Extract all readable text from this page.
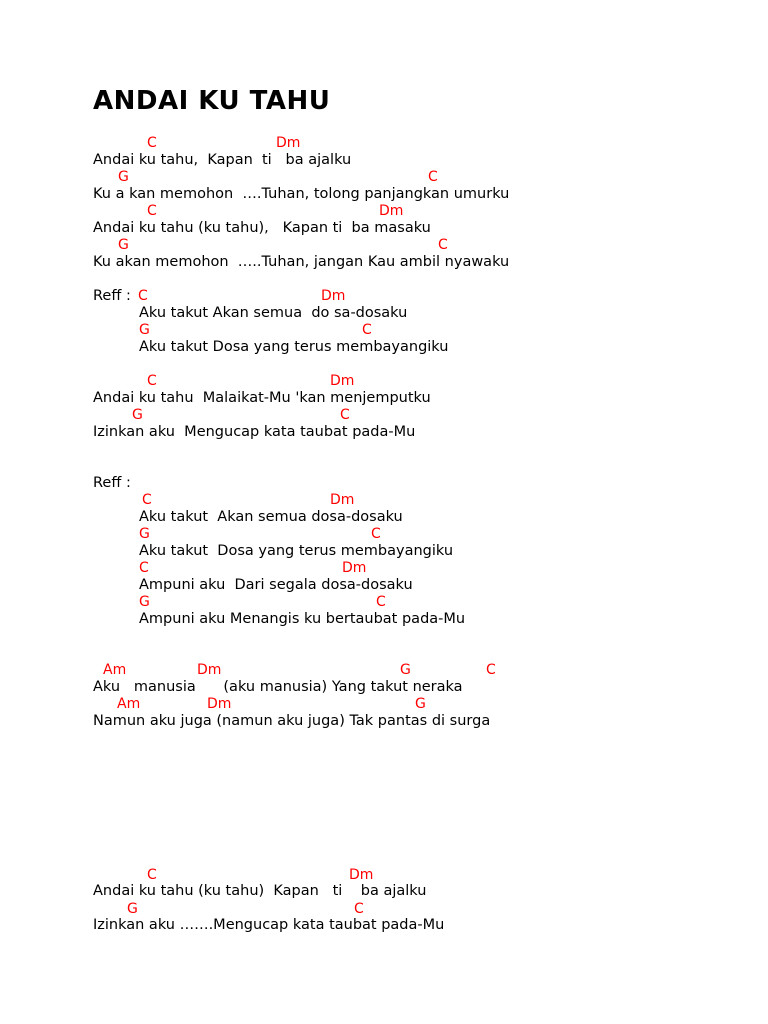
ANDAI KU TAHU
C	Dm
Andai ku tahu,  Kapan  ti   ba ajalku
G	C
Ku a kan memohon  ….Tuhan, tolong panjangkan umurku
C	Dm
Andai ku tahu (ku tahu),   Kapan ti  ba masaku
G	C
Ku akan memohon  …..Tuhan, jangan Kau ambil nyawaku
Reff : C	Dm
Aku takut Akan semua  do sa-dosaku
G	C
Aku takut Dosa yang terus membayangiku
C	Dm
Andai ku tahu  Malaikat-Mu 'kan menjemputku
G	C
Izinkan aku  Mengucap kata taubat pada-Mu
Reff :
C	Dm
Aku takut  Akan semua dosa-dosaku
G	C
Aku takut  Dosa yang terus membayangiku
C	Dm
Ampuni aku  Dari segala dosa-dosaku
G	C
Ampuni aku Menangis ku bertaubat pada-Mu
Am	Dm	G	C
Aku   manusia      (aku manusia) Yang takut neraka
Am	Dm	G
Namun aku juga (namun aku juga) Tak pantas di surga
C	Dm
Andai ku tahu (ku tahu)  Kapan   ti    ba ajalku
G	C
Izinkan aku …….Mengucap kata taubat pada-Mu
